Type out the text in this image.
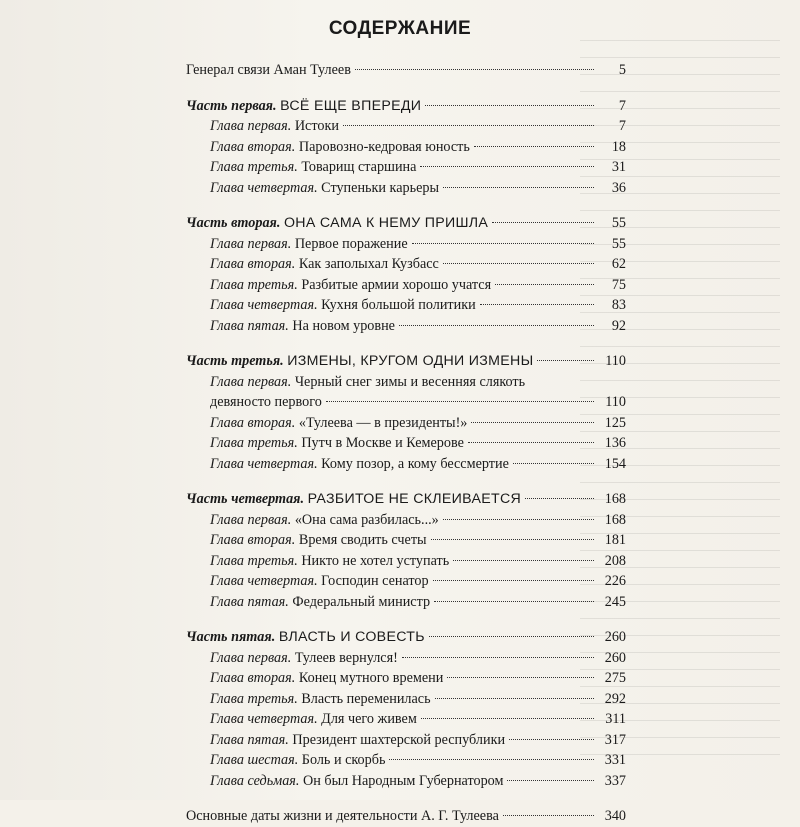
СОДЕРЖАНИЕ
Генерал связи Аман Тулеев	5
Часть первая. ВСЁ ЕЩЕ ВПЕРЕДИ	7
Глава первая. Истоки	7
Глава вторая. Паровозно-кедровая юность	18
Глава третья. Товарищ старшина	31
Глава четвертая. Ступеньки карьеры	36
Часть вторая. ОНА САМА К НЕМУ ПРИШЛА	55
Глава первая. Первое поражение	55
Глава вторая. Как заполыхал Кузбасс	62
Глава третья. Разбитые армии хорошо учатся	75
Глава четвертая. Кухня большой политики	83
Глава пятая. На новом уровне	92
Часть третья. ИЗМЕНЫ, КРУГОМ ОДНИ ИЗМЕНЫ	110
Глава первая. Черный снег зимы и весенняя слякоть
девяносто первого	110
Глава вторая. «Тулеева — в президенты!»	125
Глава третья. Путч в Москве и Кемерове	136
Глава четвертая. Кому позор, а кому бессмертие	154
Часть четвертая. РАЗБИТОЕ НЕ СКЛЕИВАЕТСЯ	168
Глава первая. «Она сама разбилась...»	168
Глава вторая. Время сводить счеты	181
Глава третья. Никто не хотел уступать	208
Глава четвертая. Господин сенатор	226
Глава пятая. Федеральный министр	245
Часть пятая. ВЛАСТЬ И СОВЕСТЬ	260
Глава первая. Тулеев вернулся!	260
Глава вторая. Конец мутного времени	275
Глава третья. Власть переменилась	292
Глава четвертая. Для чего живем	311
Глава пятая. Президент шахтерской республики	317
Глава шестая. Боль и скорбь	331
Глава седьмая. Он был Народным Губернатором	337
Основные даты жизни и деятельности А. Г. Тулеева	340
